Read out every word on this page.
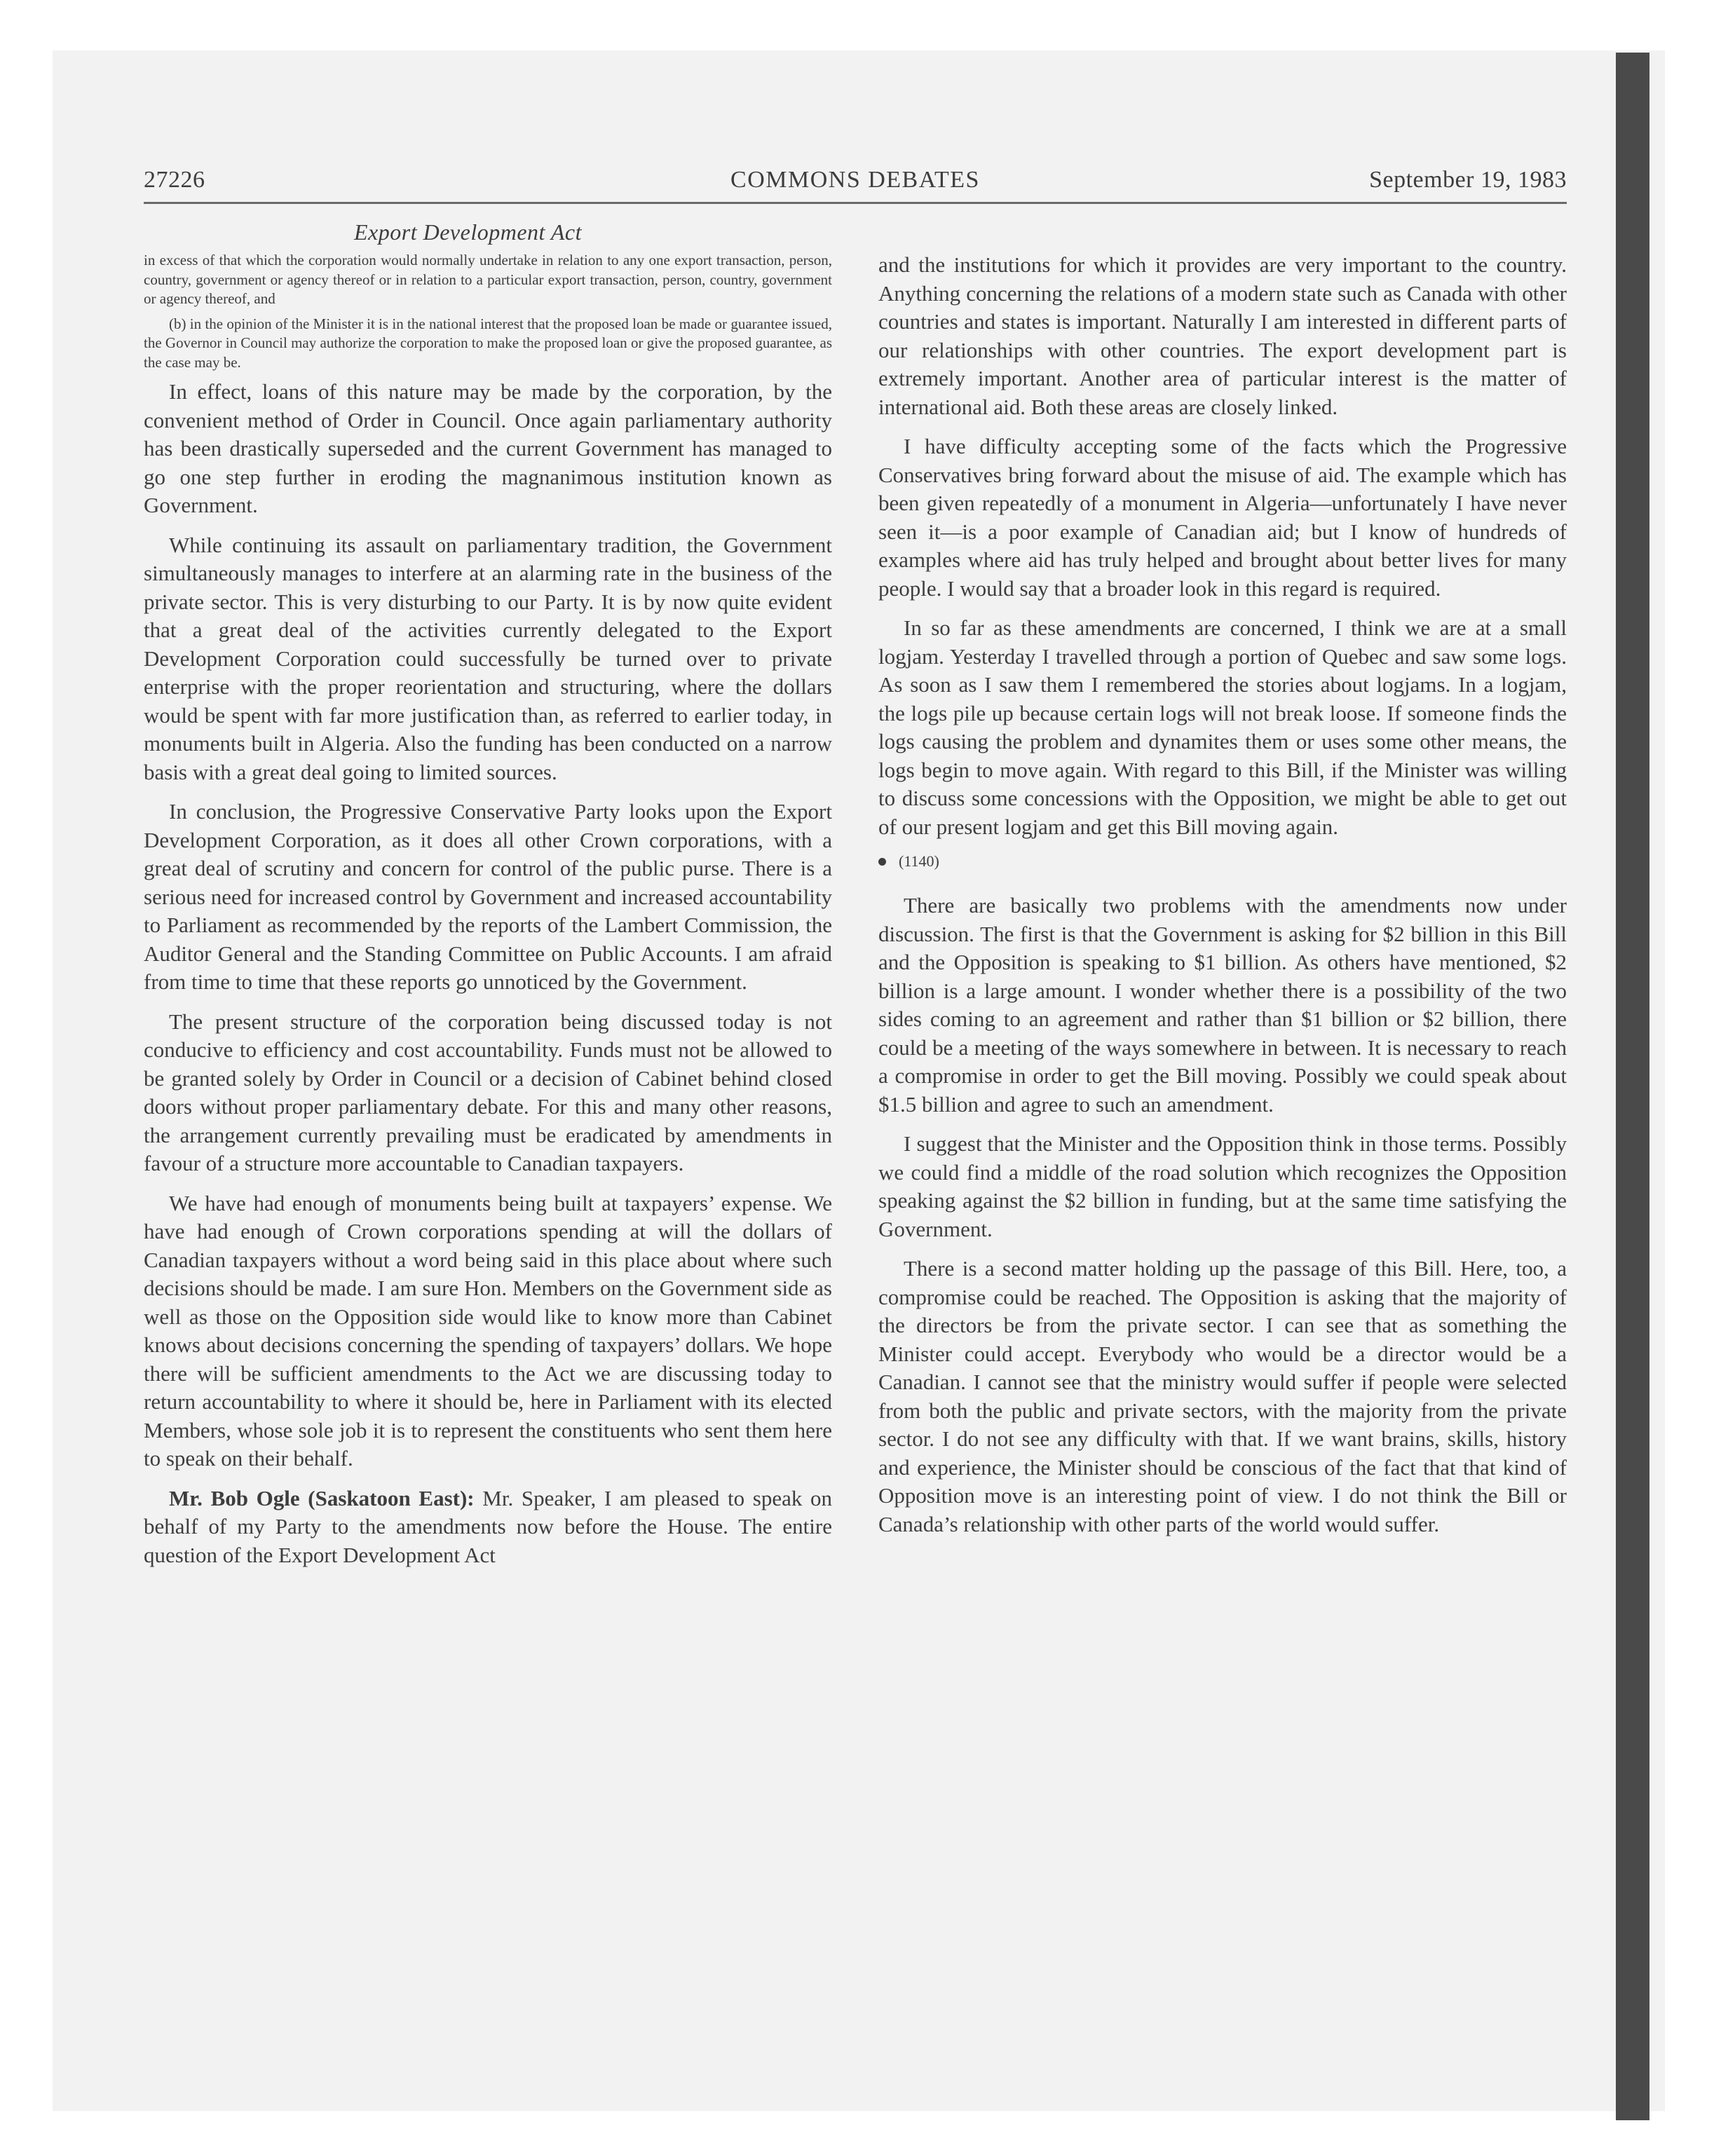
27226	COMMONS DEBATES	September 19, 1983
Export Development Act

in excess of that which the corporation would normally undertake in relation to any one export transaction, person, country, government or agency thereof or in relation to a particular export transaction, person, country, government or agency thereof, and

(b) in the opinion of the Minister it is in the national interest that the proposed loan be made or guarantee issued, the Governor in Council may authorize the corporation to make the proposed loan or give the proposed guarantee, as the case may be.

In effect, loans of this nature may be made by the corporation, by the convenient method of Order in Council. Once again parliamentary authority has been drastically superseded and the current Government has managed to go one step further in eroding the magnanimous institution known as Government.

While continuing its assault on parliamentary tradition, the Government simultaneously manages to interfere at an alarming rate in the business of the private sector. This is very disturbing to our Party. It is by now quite evident that a great deal of the activities currently delegated to the Export Development Corporation could successfully be turned over to private enterprise with the proper reorientation and structuring, where the dollars would be spent with far more justification than, as referred to earlier today, in monuments built in Algeria. Also the funding has been conducted on a narrow basis with a great deal going to limited sources.

In conclusion, the Progressive Conservative Party looks upon the Export Development Corporation, as it does all other Crown corporations, with a great deal of scrutiny and concern for control of the public purse. There is a serious need for increased control by Government and increased accountability to Parliament as recommended by the reports of the Lambert Commission, the Auditor General and the Standing Committee on Public Accounts. I am afraid from time to time that these reports go unnoticed by the Government.

The present structure of the corporation being discussed today is not conducive to efficiency and cost accountability. Funds must not be allowed to be granted solely by Order in Council or a decision of Cabinet behind closed doors without proper parliamentary debate. For this and many other reasons, the arrangement currently prevailing must be eradicated by amendments in favour of a structure more accountable to Canadian taxpayers.

We have had enough of monuments being built at taxpayers’ expense. We have had enough of Crown corporations spending at will the dollars of Canadian taxpayers without a word being said in this place about where such decisions should be made. I am sure Hon. Members on the Government side as well as those on the Opposition side would like to know more than Cabinet knows about decisions concerning the spending of taxpayers’ dollars. We hope there will be sufficient amendments to the Act we are discussing today to return accountability to where it should be, here in Parliament with its elected Members, whose sole job it is to represent the constituents who sent them here to speak on their behalf.

Mr. Bob Ogle (Saskatoon East): Mr. Speaker, I am pleased to speak on behalf of my Party to the amendments now before the House. The entire question of the Export Development Act

and the institutions for which it provides are very important to the country. Anything concerning the relations of a modern state such as Canada with other countries and states is important. Naturally I am interested in different parts of our relationships with other countries. The export development part is extremely important. Another area of particular interest is the matter of international aid. Both these areas are closely linked.

I have difficulty accepting some of the facts which the Progressive Conservatives bring forward about the misuse of aid. The example which has been given repeatedly of a monument in Algeria—unfortunately I have never seen it—is a poor example of Canadian aid; but I know of hundreds of examples where aid has truly helped and brought about better lives for many people. I would say that a broader look in this regard is required.

In so far as these amendments are concerned, I think we are at a small logjam. Yesterday I travelled through a portion of Quebec and saw some logs. As soon as I saw them I remembered the stories about logjams. In a logjam, the logs pile up because certain logs will not break loose. If someone finds the logs causing the problem and dynamites them or uses some other means, the logs begin to move again. With regard to this Bill, if the Minister was willing to discuss some concessions with the Opposition, we might be able to get out of our present logjam and get this Bill moving again.

(1140)

There are basically two problems with the amendments now under discussion. The first is that the Government is asking for $2 billion in this Bill and the Opposition is speaking to $1 billion. As others have mentioned, $2 billion is a large amount. I wonder whether there is a possibility of the two sides coming to an agreement and rather than $1 billion or $2 billion, there could be a meeting of the ways somewhere in between. It is necessary to reach a compromise in order to get the Bill moving. Possibly we could speak about $1.5 billion and agree to such an amendment.

I suggest that the Minister and the Opposition think in those terms. Possibly we could find a middle of the road solution which recognizes the Opposition speaking against the $2 billion in funding, but at the same time satisfying the Government.

There is a second matter holding up the passage of this Bill. Here, too, a compromise could be reached. The Opposition is asking that the majority of the directors be from the private sector. I can see that as something the Minister could accept. Everybody who would be a director would be a Canadian. I cannot see that the ministry would suffer if people were selected from both the public and private sectors, with the majority from the private sector. I do not see any difficulty with that. If we want brains, skills, history and experience, the Minister should be conscious of the fact that that kind of Opposition move is an interesting point of view. I do not think the Bill or Canada’s relationship with other parts of the world would suffer.
